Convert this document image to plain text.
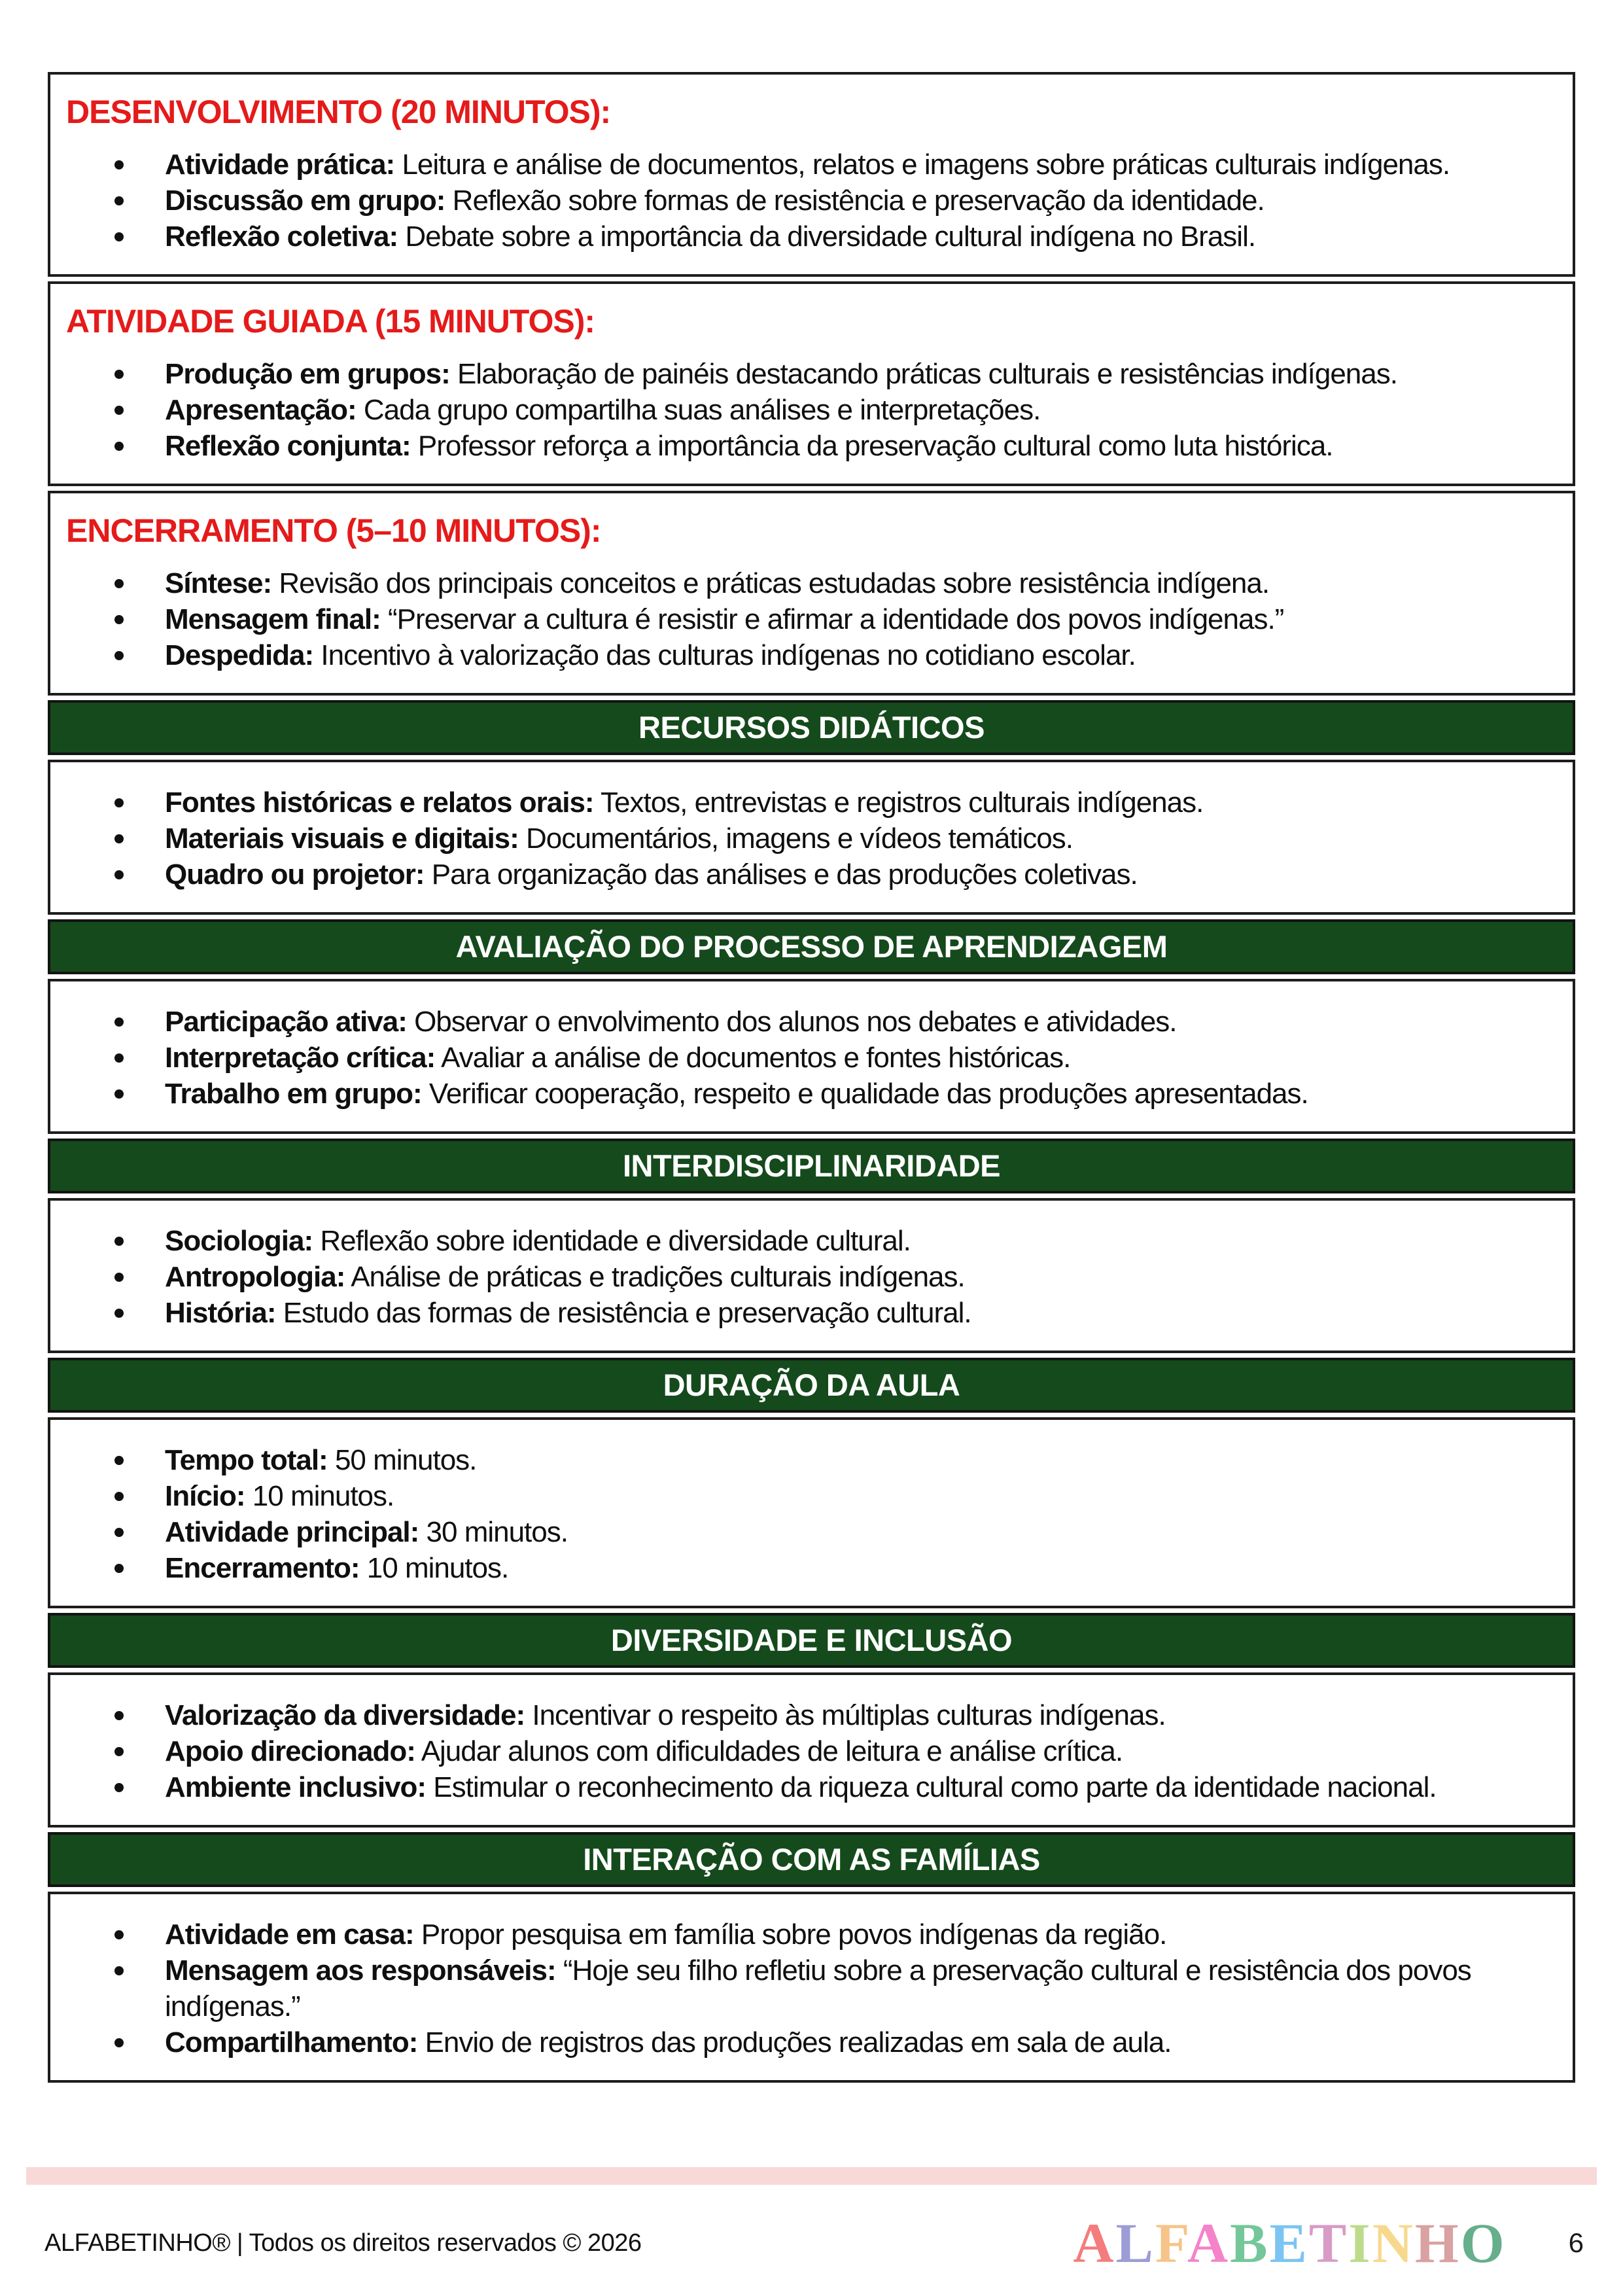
DESENVOLVIMENTO (20 MINUTOS):
Atividade prática: Leitura e análise de documentos, relatos e imagens sobre práticas culturais indígenas.
Discussão em grupo: Reflexão sobre formas de resistência e preservação da identidade.
Reflexão coletiva: Debate sobre a importância da diversidade cultural indígena no Brasil.
ATIVIDADE GUIADA (15 MINUTOS):
Produção em grupos: Elaboração de painéis destacando práticas culturais e resistências indígenas.
Apresentação: Cada grupo compartilha suas análises e interpretações.
Reflexão conjunta: Professor reforça a importância da preservação cultural como luta histórica.
ENCERRAMENTO (5–10 MINUTOS):
Síntese: Revisão dos principais conceitos e práticas estudadas sobre resistência indígena.
Mensagem final: “Preservar a cultura é resistir e afirmar a identidade dos povos indígenas.”
Despedida: Incentivo à valorização das culturas indígenas no cotidiano escolar.
RECURSOS DIDÁTICOS
Fontes históricas e relatos orais: Textos, entrevistas e registros culturais indígenas.
Materiais visuais e digitais: Documentários, imagens e vídeos temáticos.
Quadro ou projetor: Para organização das análises e das produções coletivas.
AVALIAÇÃO DO PROCESSO DE APRENDIZAGEM
Participação ativa: Observar o envolvimento dos alunos nos debates e atividades.
Interpretação crítica: Avaliar a análise de documentos e fontes históricas.
Trabalho em grupo: Verificar cooperação, respeito e qualidade das produções apresentadas.
INTERDISCIPLINARIDADE
Sociologia: Reflexão sobre identidade e diversidade cultural.
Antropologia: Análise de práticas e tradições culturais indígenas.
História: Estudo das formas de resistência e preservação cultural.
DURAÇÃO DA AULA
Tempo total: 50 minutos.
Início: 10 minutos.
Atividade principal: 30 minutos.
Encerramento: 10 minutos.
DIVERSIDADE E INCLUSÃO
Valorização da diversidade: Incentivar o respeito às múltiplas culturas indígenas.
Apoio direcionado: Ajudar alunos com dificuldades de leitura e análise crítica.
Ambiente inclusivo: Estimular o reconhecimento da riqueza cultural como parte da identidade nacional.
INTERAÇÃO COM AS FAMÍLIAS
Atividade em casa: Propor pesquisa em família sobre povos indígenas da região.
Mensagem aos responsáveis: “Hoje seu filho refletiu sobre a preservação cultural e resistência dos povos indígenas.”
Compartilhamento: Envio de registros das produções realizadas em sala de aula.
ALFABETINHO® | Todos os direitos reservados © 2026	ALFABETINHO 6
